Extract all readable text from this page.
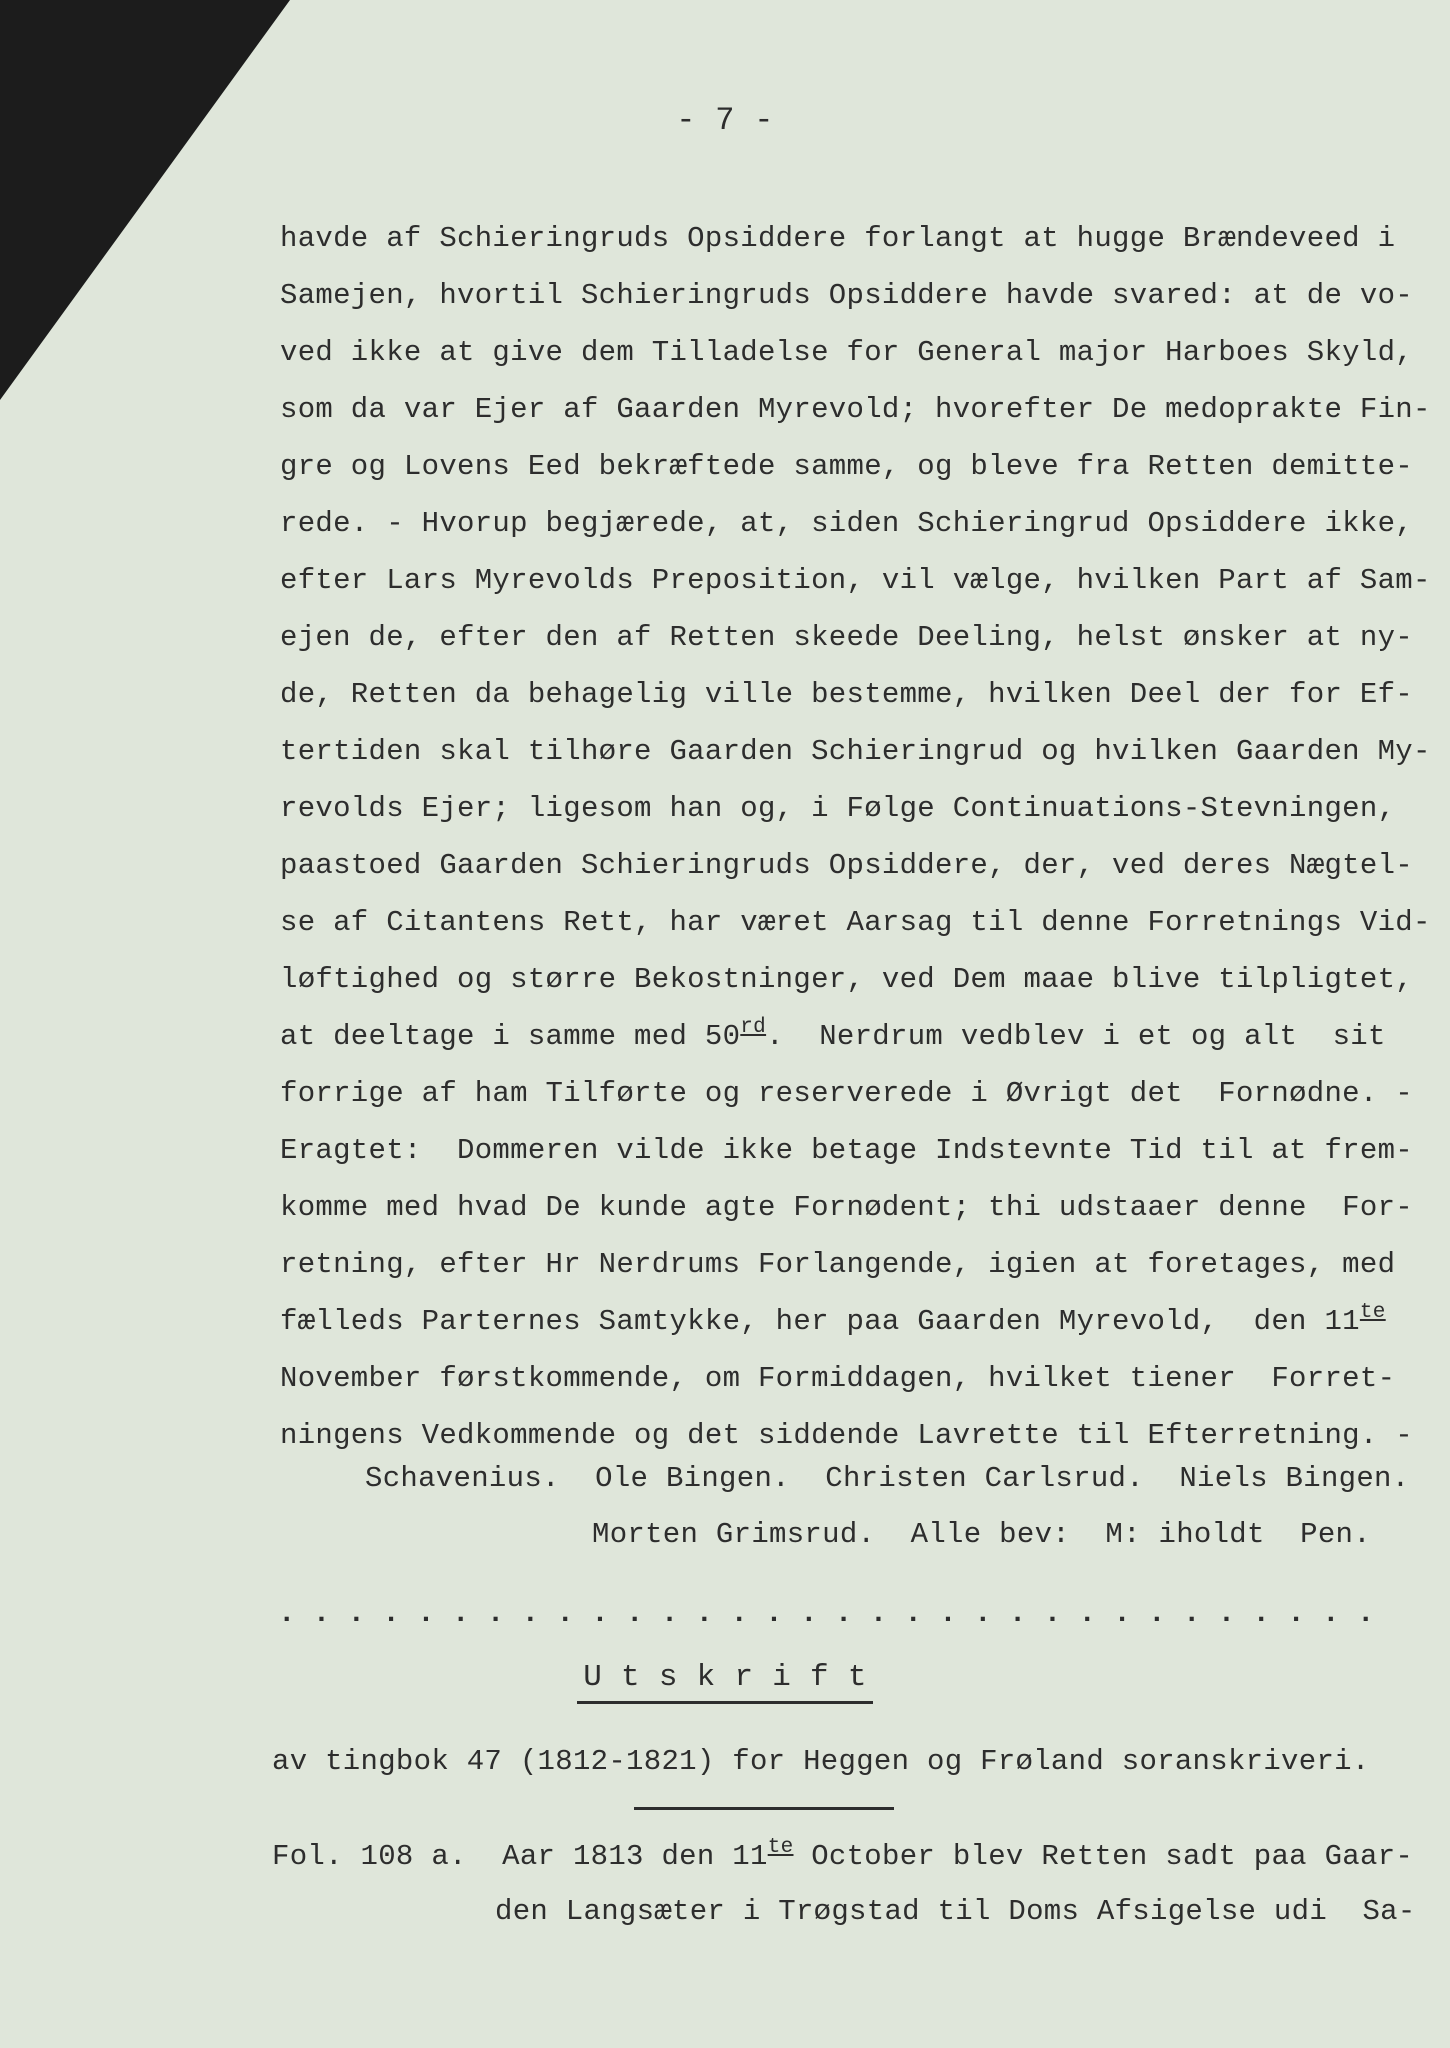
- 7 -
havde af Schieringruds Opsiddere forlangt at hugge Brændeveed i
Samejen, hvortil Schieringruds Opsiddere havde svared: at de vo-
ved ikke at give dem Tilladelse for General major Harboes Skyld,
som da var Ejer af Gaarden Myrevold; hvorefter De medoprakte Fin-
gre og Lovens Eed bekræftede samme, og bleve fra Retten demitte-
rede. - Hvorup begjærede, at, siden Schieringrud Opsiddere ikke,
efter Lars Myrevolds Preposition, vil vælge, hvilken Part af Sam-
ejen de, efter den af Retten skeede Deeling, helst ønsker at ny-
de, Retten da behagelig ville bestemme, hvilken Deel der for Ef-
tertiden skal tilhøre Gaarden Schieringrud og hvilken Gaarden My-
revolds Ejer; ligesom han og, i Følge Continuations-Stevningen,
paastoed Gaarden Schieringruds Opsiddere, der, ved deres Nægtel-
se af Citantens Rett, har været Aarsag til denne Forretnings Vid-
løftighed og større Bekostninger, ved Dem maae blive tilpligtet,
at deeltage i samme med 50rd.  Nerdrum vedblev i et og alt  sit
forrige af ham Tilførte og reserverede i Øvrigt det  Fornødne. -
Eragtet:  Dommeren vilde ikke betage Indstevnte Tid til at frem-
komme med hvad De kunde agte Fornødent; thi udstaaer denne  For-
retning, efter Hr Nerdrums Forlangende, igien at foretages, med
fælleds Parternes Samtykke, her paa Gaarden Myrevold,  den $11^{te}$
November førstkommende, om Formiddagen, hvilket tiener  Forret-
ningens Vedkommende og det siddende Lavrette til Efterretning. -
Schavenius.  Ole Bingen.  Christen Carlsrud.  Niels Bingen.
Morten Grimsrud.  Alle bev:  M: iholdt  Pen.
. . . . . . . . . . . . . . . . . . . . . . . . . . . . . . . .
U t s k r i f t
av tingbok 47 (1812-1821) for Heggen og Frøland soranskriveri.
Fol. 108 a.  Aar 1813 den $11^{te}$ October blev Retten sadt paa Gaar-
den Langsæter i Trøgstad til Doms Afsigelse udi  Sa-
